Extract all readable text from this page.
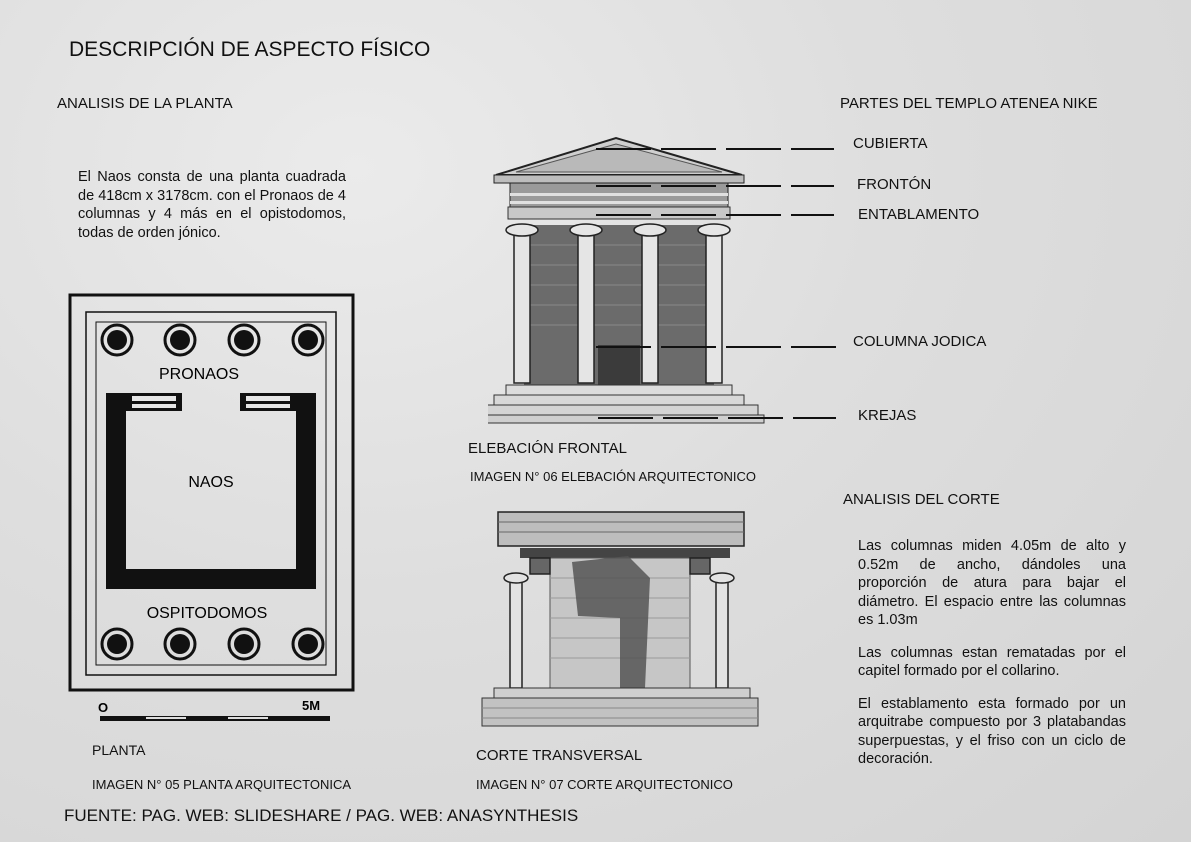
DESCRIPCIÓN DE ASPECTO FÍSICO
ANALISIS DE LA PLANTA
El Naos consta de una planta cuadrada de 418cm x 3178cm. con el Pronaos de 4 columnas y 4 más en el opistodomos, todas de orden jónico.
PRONAOS
NAOS
OSPITODOMOS
O	5M
PLANTA
IMAGEN N° 05 PLANTA ARQUITECTONICA
PARTES DEL TEMPLO ATENEA NIKE
CUBIERTA
FRONTÓN
ENTABLAMENTO
COLUMNA JODICA
KREJAS
ELEBACIÓN FRONTAL
IMAGEN N° 06 ELEBACIÓN ARQUITECTONICO
CORTE TRANSVERSAL
IMAGEN N° 07 CORTE ARQUITECTONICO
ANALISIS DEL CORTE

Las columnas miden 4.05m de alto y 0.52m de ancho, dándoles una proporción de atura para bajar el diámetro. El espacio entre las columnas es 1.03m

Las columnas estan rematadas por el capitel formado por el collarino.

El establamento esta formado por un arquitrabe compuesto por 3 platabandas superpuestas, y el friso con un ciclo de decoración.

FUENTE: PAG. WEB: SLIDESHARE / PAG. WEB: ANASYNTHESIS
